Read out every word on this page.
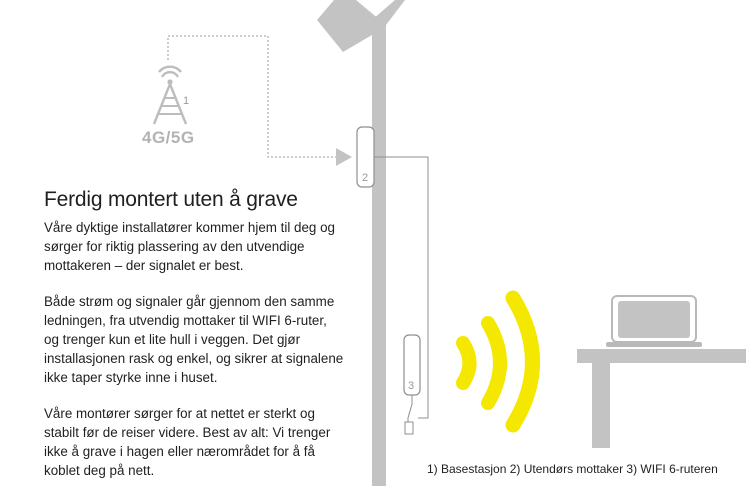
4G/5G
1
2
3
Ferdig montert uten å grave

Våre dyktige installatører kommer hjem til deg og sørger for riktig plassering av den utvendige mottakeren – der signalet er best.

Både strøm og signaler går gjennom den samme ledningen, fra utvendig mottaker til WIFI 6-ruter, og trenger kun et lite hull i veggen. Det gjør installasjonen rask og enkel, og sikrer at signalene ikke taper styrke inne i huset.

Våre montører sørger for at nettet er sterkt og stabilt før de reiser videre. Best av alt: Vi trenger ikke å grave i hagen eller nærområdet for å få koblet deg på nett.	1) Basestasjon 2) Utendørs mottaker 3) WIFI 6-ruteren
